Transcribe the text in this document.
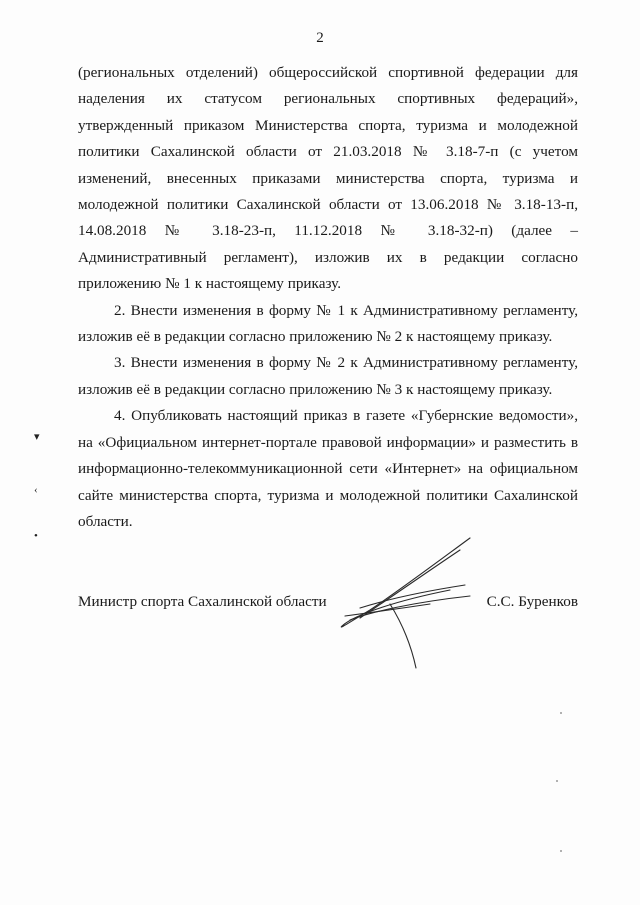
2

(региональных отделений) общероссийской спортивной федерации для наделения их статусом региональных спортивных федераций», утвержденный приказом Министерства спорта, туризма и молодежной политики Сахалинской области от 21.03.2018 № 3.18-7-п (с учетом изменений, внесенных приказами министерства спорта, туризма и молодежной политики Сахалинской области от 13.06.2018 № 3.18-13-п, 14.08.2018 № 3.18-23-п, 11.12.2018 № 3.18-32-п) (далее – Административный регламент), изложив их в редакции согласно приложению № 1 к настоящему приказу.

2. Внести изменения в форму № 1 к Административному регламенту, изложив её в редакции согласно приложению № 2 к настоящему приказу.

3. Внести изменения в форму № 2 к Административному регламенту, изложив её в редакции согласно приложению № 3 к настоящему приказу.

4. Опубликовать настоящий приказ в газете «Губернские ведомости», на «Официальном интернет-портале правовой информации» и разместить в информационно-телекоммуникационной сети «Интернет» на официальном сайте министерства спорта, туризма и молодежной политики Сахалинской области.

▾
‹
•
Министр спорта Сахалинской области	С.С. Буренков
